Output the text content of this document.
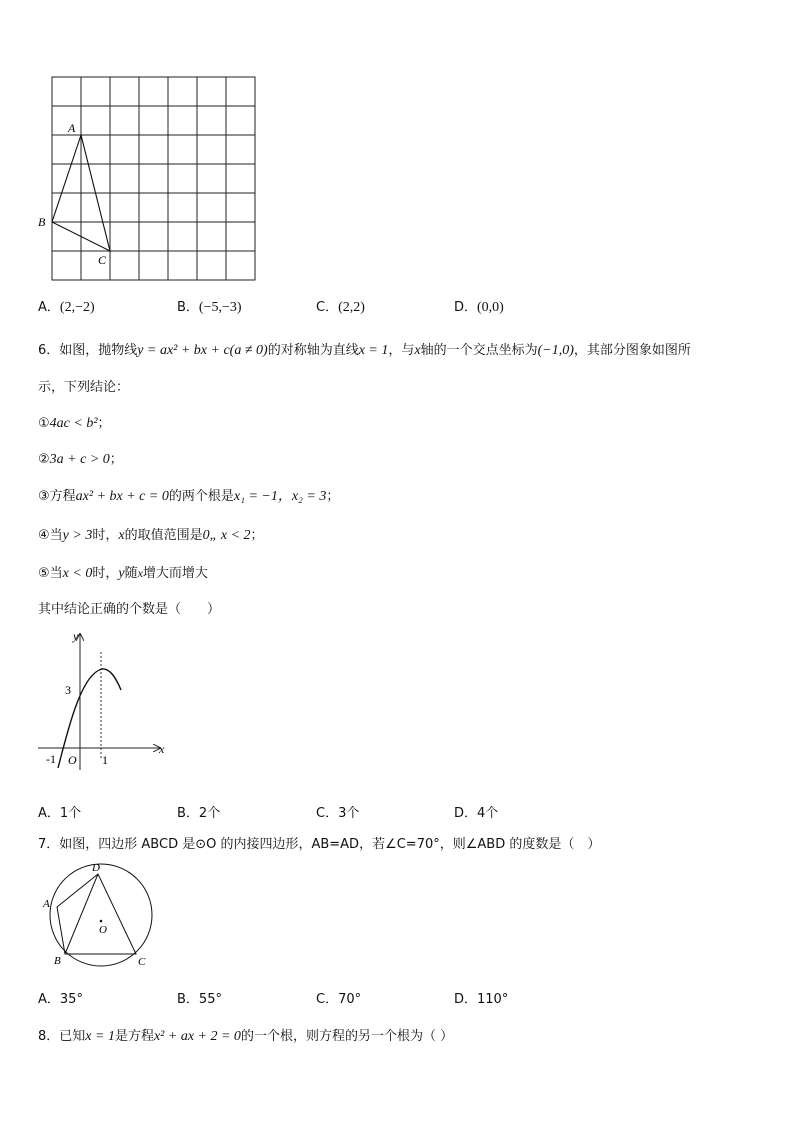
A
B
C
A．(2,−2)	B．(−5,−3)	C．(2,2)	D．(0,0)
6．如图，抛物线y = ax² + bx + c(a ≠ 0)的对称轴为直线x = 1，与x轴的一个交点坐标为(−1,0)，其部分图象如图所
示，下列结论：
①4ac < b²；
②3a + c > 0；
③方程ax² + bx + c = 0的两个根是x₁ = −1，x₂ = 3；
④当y > 3时，x的取值范围是0„ x < 2；
⑤当x < 0时，y随x增大而增大
其中结论正确的个数是（　　）
y
x
3
-1 O 1
A．1个	B．2个	C．3个	D．4个
7．如图，四边形 ABCD 是⊙O 的内接四边形，AB=AD，若∠C=70°，则∠ABD 的度数是（　）
A
B	C
D
O
A．35°	B．55°	C．70°	D．110°
8．已知x = 1是方程x² + ax + 2 = 0的一个根，则方程的另一个根为（ ）
